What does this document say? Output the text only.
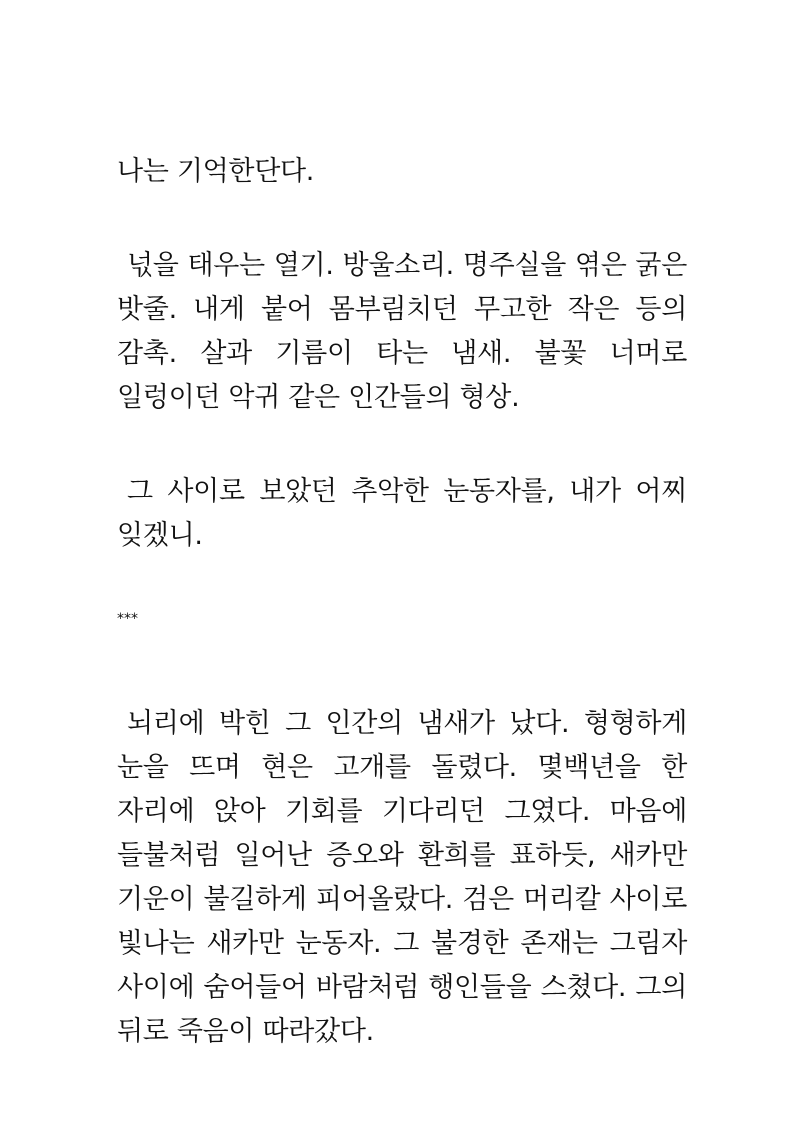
나는 기억한단다.

넋을 태우는 열기. 방울소리. 명주실을 엮은 굵은 밧줄. 내게 붙어 몸부림치던 무고한 작은 등의 감촉. 살과 기름이 타는 냄새. 불꽃 너머로 일렁이던 악귀 같은 인간들의 형상.

그 사이로 보았던 추악한 눈동자를, 내가 어찌 잊겠니.

***

뇌리에 박힌 그 인간의 냄새가 났다. 형형하게 눈을 뜨며 현은 고개를 돌렸다. 몇백년을 한 자리에 앉아 기회를 기다리던 그였다. 마음에 들불처럼 일어난 증오와 환희를 표하듯, 새카만 기운이 불길하게 피어올랐다. 검은 머리칼 사이로 빛나는 새카만 눈동자. 그 불경한 존재는 그림자 사이에 숨어들어 바람처럼 행인들을 스쳤다. 그의 뒤로 죽음이 따라갔다.
